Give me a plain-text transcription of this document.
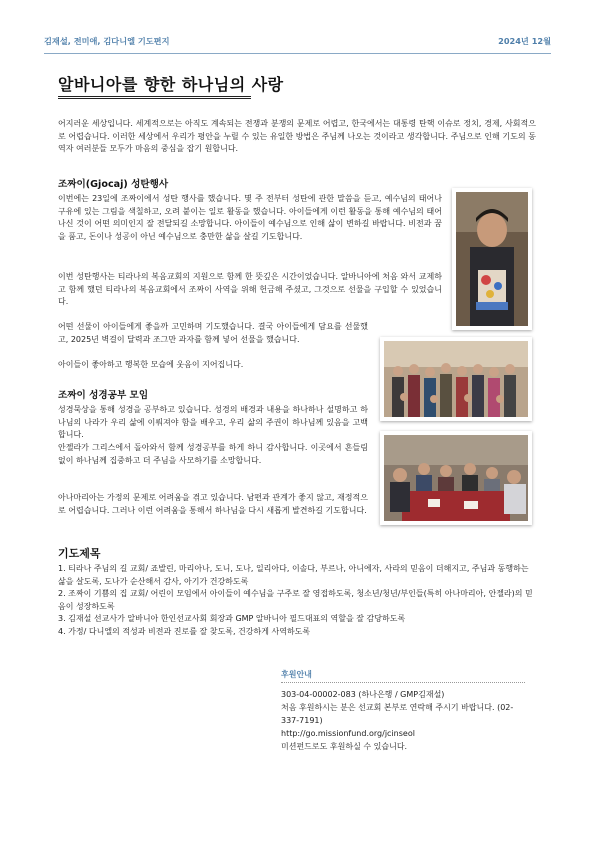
김재설, 전미애, 김다니엘 기도편지	2024년 12월
알바니아를 향한 하나님의 사랑

어지러운 세상입니다. 세계적으로는 아직도 계속되는 전쟁과 분쟁의 문제로 어렵고, 한국에서는 대통령 탄핵 이슈로 정치, 경제, 사회적으로 어렵습니다. 이러한 세상에서 우리가 평안을 누릴 수 있는 유일한 방법은 주님께 나오는 것이라고 생각합니다. 주님으로 인해 기도의 동역자 여러분들 모두가 마음의 중심을 잡기 원합니다.

조짜이(Gjocaj) 성탄행사

이번에는 23일에 조짜이에서 성탄 행사를 했습니다. 몇 주 전부터 성탄에 관한 말씀을 듣고, 예수님의 태어나 구유에 있는 그림을 색칠하고, 오려 붙이는 일로 활동을 했습니다. 아이들에게 이런 활동을 통해 예수님의 태어나신 것이 어떤 의미인지 잘 전달되길 소망합니다. 아이들이 예수님으로 인해 삶이 변하길 바랍니다. 비전과 꿈을 품고, 돈이나 성공이 아닌 예수님으로 충만한 삶을 살길 기도합니다.

이번 성탄행사는 티라나의 복음교회의 지원으로 함께 한 뜻깊은 시간이었습니다. 알바니아에 처음 와서 교제하고 함께 했던 티라나의 복음교회에서 조짜이 사역을 위해 헌금해 주셨고, 그것으로 선물을 구입할 수 있었습니다.

어떤 선물이 아이들에게 좋을까 고민하며 기도했습니다. 결국 아이들에게 담요를 선물했고, 2025년 벽걸이 달력과 조그만 과자를 함께 넣어 선물을 했습니다.

아이들이 좋아하고 행복한 모습에 웃음이 지어집니다.

조짜이 성경공부 모임

성경묵상을 통해 성경을 공부하고 있습니다. 성경의 배경과 내용을 하나하나 설명하고 하나님의 나라가 우리 삶에 이뤄져야 함을 배우고, 우리 삶의 주권이 하나님께 있음을 고백합니다.

안젤라가 그리스에서 돌아와서 함께 성경공부를 하게 하니 감사합니다. 이곳에서 흔들림없이 하나님께 집중하고 더 주님을 사모하기를 소망합니다.

아나마리아는 가정의 문제로 어려움을 겪고 있습니다. 남편과 관계가 좋지 않고, 재정적으로 어렵습니다. 그러나 이런 어려움을 통해서 하나님을 다시 새롭게 발견하길 기도합니다.

기도제목
1. 티라나 주님의 길 교회/ 죠발린, 마리아나, 도니, 도나, 일리아다, 이솔다, 부르나, 아니에자, 사라의 믿음이 더해지고, 주님과 동행하는 삶을 살도록, 도나가 순산해서 감사, 아기가 건강하도록
2. 조짜이 기쁨의 집 교회/ 어린이 모임에서 아이들이 예수님을 구주로 잘 영접하도록, 청소년/청년/부인들(특히 아나마리아, 안젤라)의 믿음이 성장하도록
3. 김재설 선교사가 알바니아 한인선교사회 회장과 GMP 알바니아 필드대표의 역할을 잘 감당하도록
4. 가정/ 다니엘의 적성과 비전과 진로를 잘 찾도록, 건강하게 사역하도록
후원안내
303-04-00002-083 (하나은행 / GMP김재설)
처음 후원하시는 분은 선교회 본부로 연락해 주시기 바랍니다. (02-337-7191)
http://go.missionfund.org/jcinseol
미션펀드로도 후원하실 수 있습니다.
